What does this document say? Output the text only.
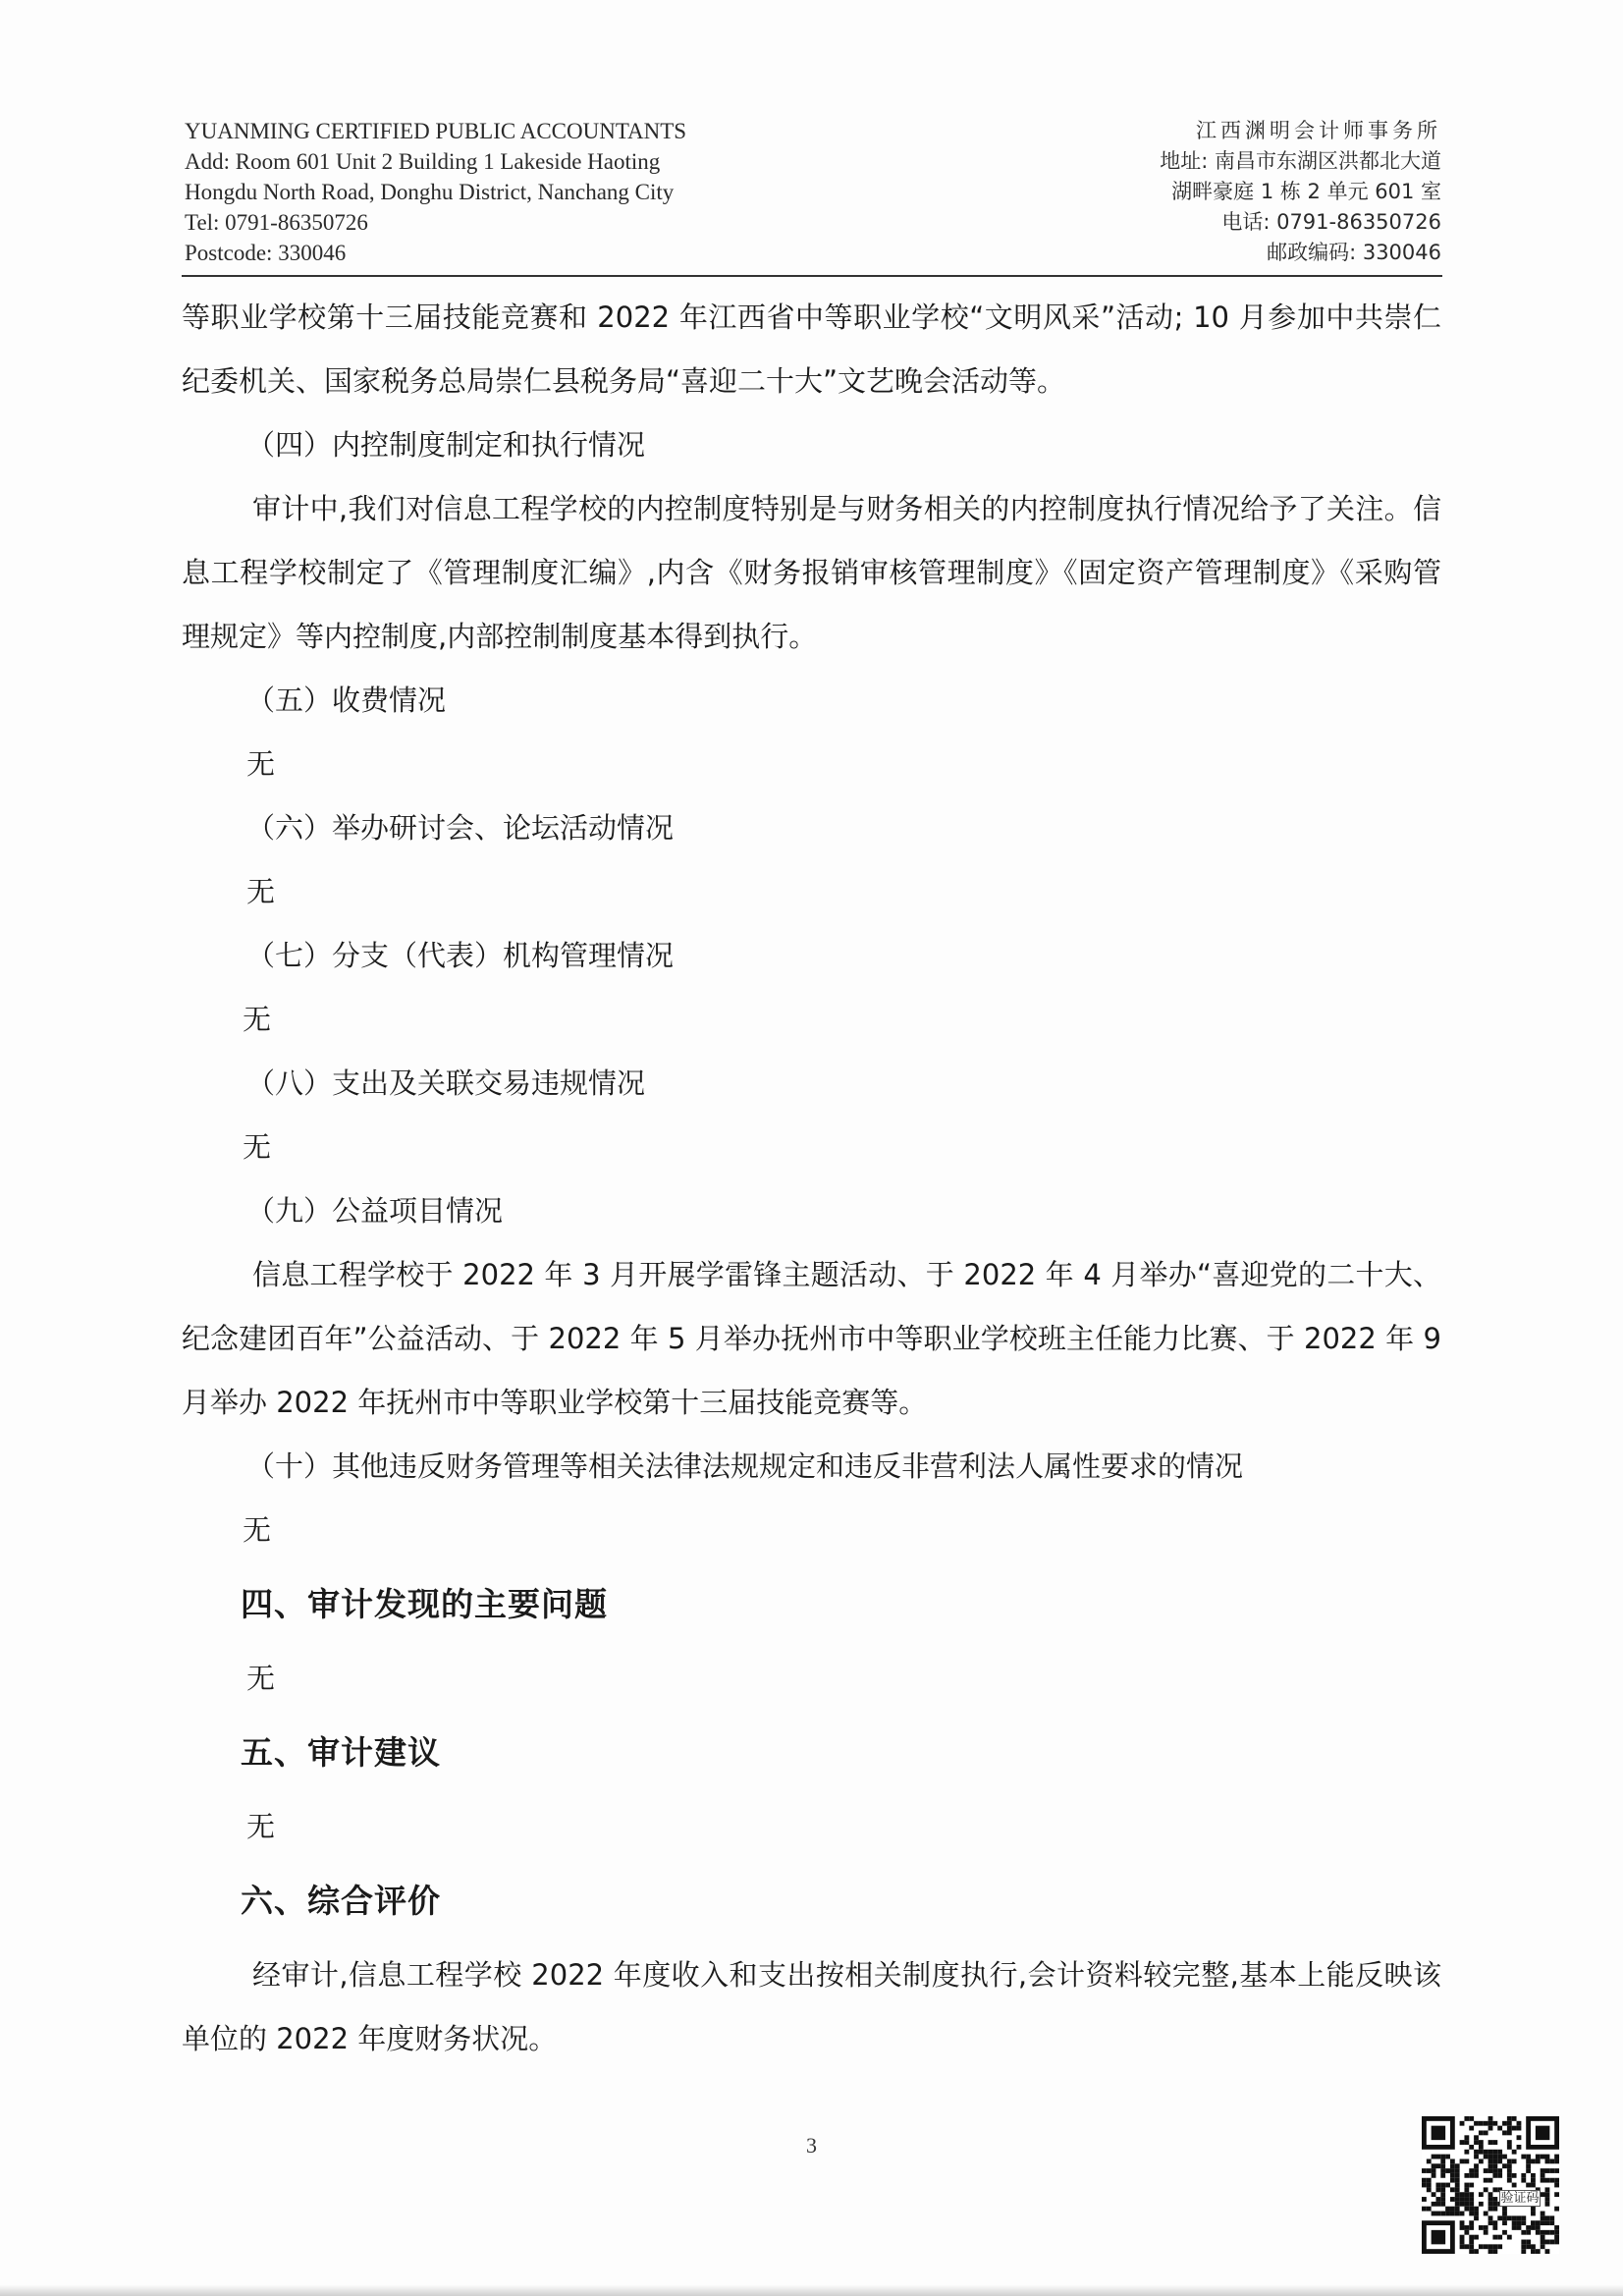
YUANMING CERTIFIED PUBLIC ACCOUNTANTS
Add: Room 601 Unit 2 Building 1 Lakeside Haoting
Hongdu North Road, Donghu District, Nanchang City
Tel: 0791-86350726
Postcode: 330046
江西渊明会计师事务所
地址: 南昌市东湖区洪都北大道
湖畔豪庭 1 栋 2 单元 601 室
电话: 0791-86350726
邮政编码: 330046
等职业学校第十三届技能竞赛和 2022 年江西省中等职业学校“文明风采”活动; 10 月参加中共崇仁纪委机关、国家税务总局崇仁县税务局“喜迎二十大”文艺晚会活动等。
（四）内控制度制定和执行情况
审计中,我们对信息工程学校的内控制度特别是与财务相关的内控制度执行情况给予了关注。信息工程学校制定了《管理制度汇编》,内含《财务报销审核管理制度》《固定资产管理制度》《采购管理规定》等内控制度,内部控制制度基本得到执行。
（五）收费情况
无
（六）举办研讨会、论坛活动情况
无
（七）分支（代表）机构管理情况
无
（八）支出及关联交易违规情况
无
（九）公益项目情况
信息工程学校于 2022 年 3 月开展学雷锋主题活动、于 2022 年 4 月举办“喜迎党的二十大、纪念建团百年”公益活动、于 2022 年 5 月举办抚州市中等职业学校班主任能力比赛、于 2022 年 9 月举办 2022 年抚州市中等职业学校第十三届技能竞赛等。
（十）其他违反财务管理等相关法律法规规定和违反非营利法人属性要求的情况
无
四、审计发现的主要问题
无
五、审计建议
无
六、综合评价
经审计,信息工程学校 2022 年度收入和支出按相关制度执行,会计资料较完整,基本上能反映该单位的 2022 年度财务状况。
3
验证码
